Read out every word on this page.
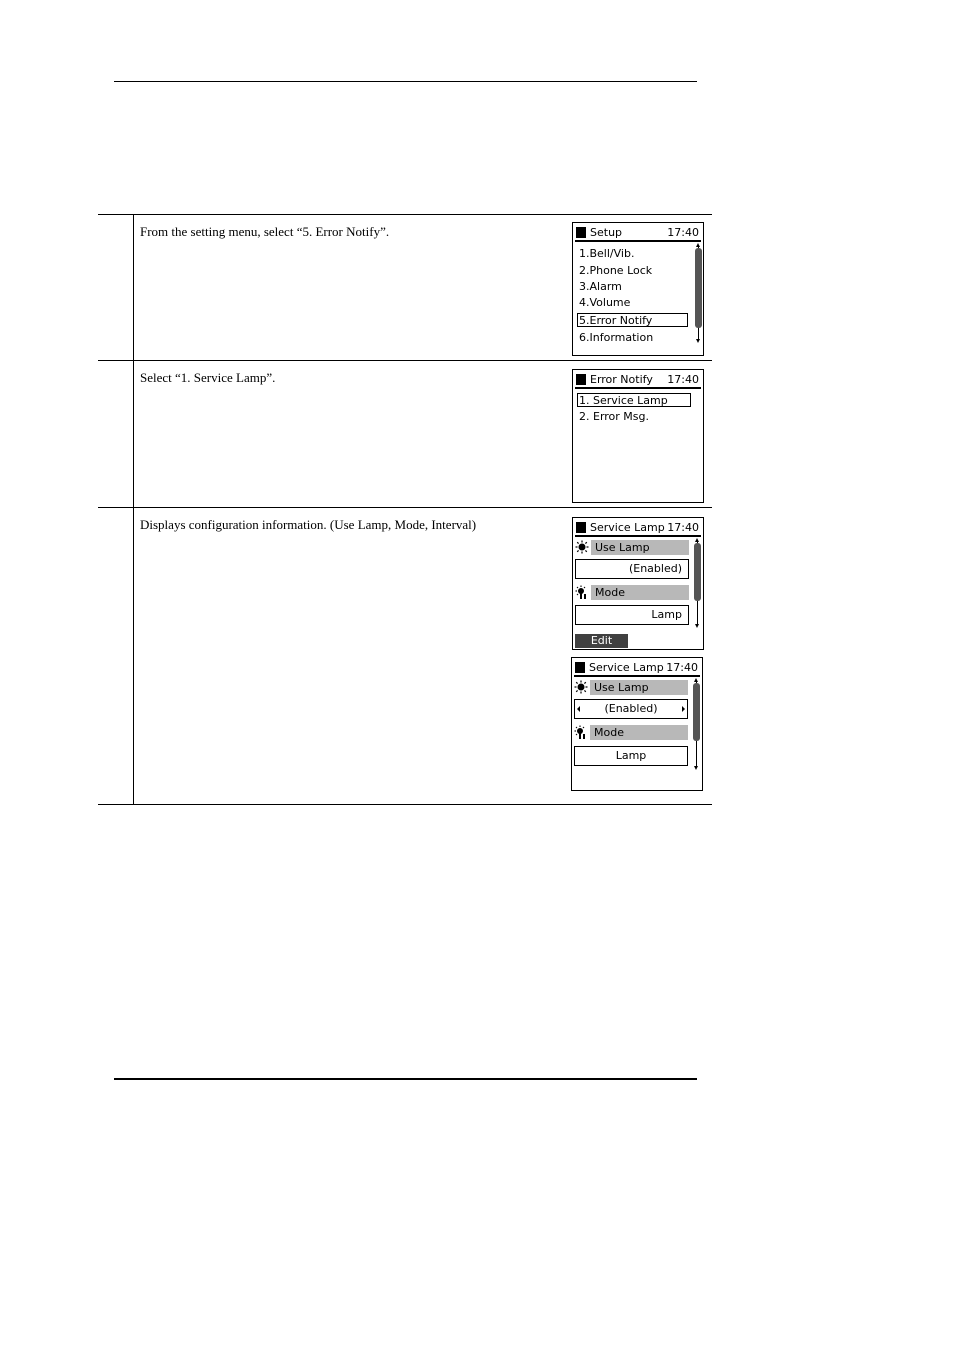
From the setting menu, select “5. Error Notify”.
Select “1. Service Lamp”.
Displays configuration information. (Use Lamp, Mode, Interval)
Setup	17:40
1.Bell/Vib.
2.Phone Lock
3.Alarm
4.Volume
5.Error Notify
6.Information
Error Notify 17:40
1. Service Lamp
2. Error Msg.
Service Lamp 17:40
Use Lamp
(Enabled)
Mode
Lamp
Edit
Service Lamp 17:40
Use Lamp
(Enabled)
Mode
Lamp
